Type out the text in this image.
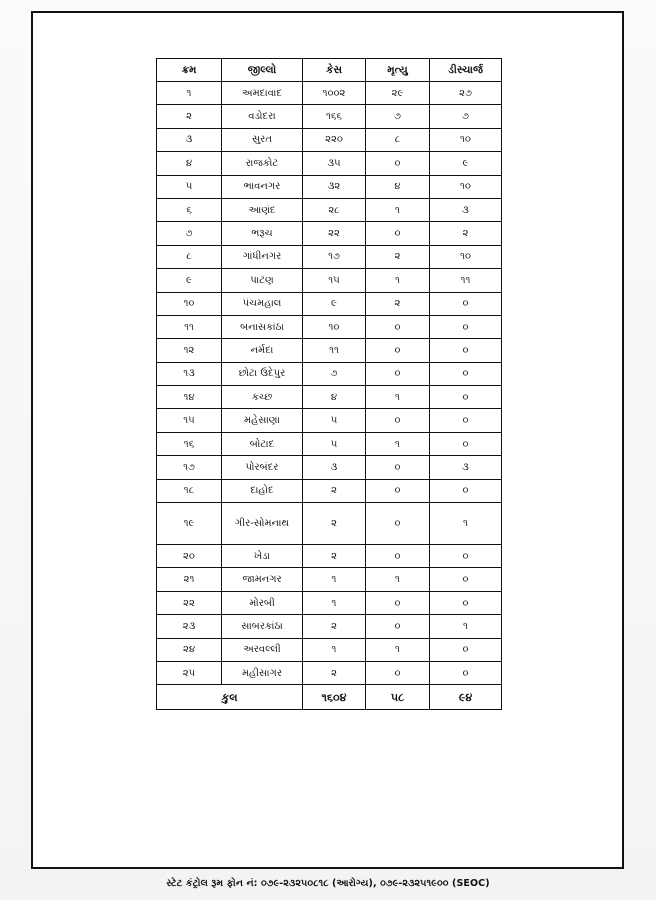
ક્રમ	જીલ્લો	કેસ	મૃત્યુ	ડીસ્ચાર્જ
૧	અમદાવાદ	૧૦૦૨	૨૯	૨૭
૨	વડોદરા	૧૬૬	૭	૭
૩	સુરત	૨૨૦	૮	૧૦
૪	રાજકોટ	૩૫	૦	૯
૫	ભાવનગર	૩૨	૪	૧૦
૬	આણંદ	૨૮	૧	૩
૭	ભરૂચ	૨૨	૦	૨
૮	ગાંધીનગર	૧૭	૨	૧૦
૯	પાટણ	૧૫	૧	૧૧
૧૦	પંચમહાલ	૯	૨	૦
૧૧	બનાસકાંઠા	૧૦	૦	૦
૧૨	નર્મદા	૧૧	૦	૦
૧૩	છોટા ઉદેપુર	૭	૦	૦
૧૪	કચ્છ	૪	૧	૦
૧૫	મહેસાણા	૫	૦	૦
૧૬	બોટાદ	૫	૧	૦
૧૭	પોરબંદર	૩	૦	૩
૧૮	દાહોદ	૨	૦	૦
૧૯	ગીર-સોમનાથ	૨	૦	૧
૨૦	ખેડા	૨	૦	૦
૨૧	જામનગર	૧	૧	૦
૨૨	મોરબી	૧	૦	૦
૨૩	સાબરકાંઠા	૨	૦	૧
૨૪	અરવલ્લી	૧	૧	૦
૨૫	મહીસાગર	૨	૦	૦
કુલ		૧૬૦૪	૫૮	૯૪
સ્ટેટ કંટ્રોલ રૂમ ફોન નં: ૦૭૯-૨૩૨૫૦૮૧૮ (આરોગ્ય), ૦૭૯-૨૩૨૫૧૯૦૦ (SEOC)
